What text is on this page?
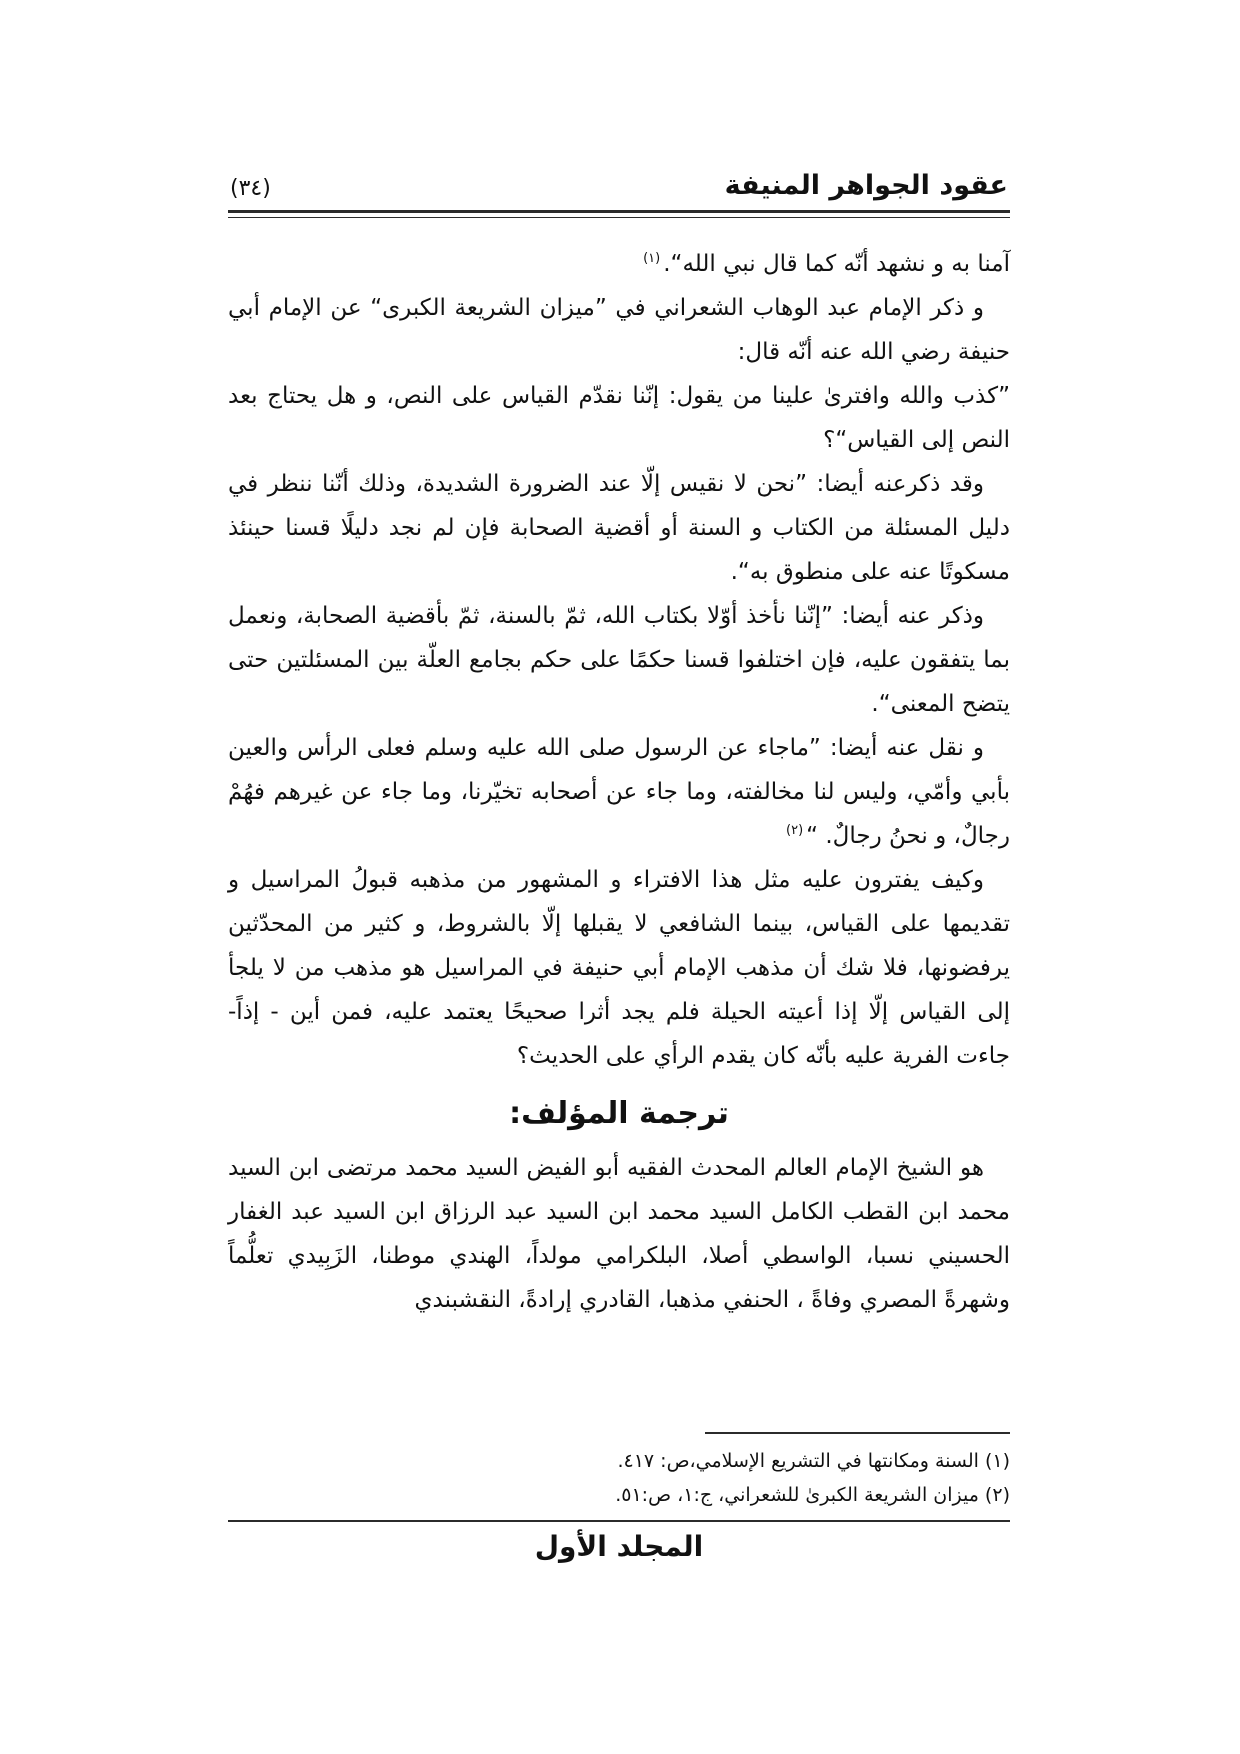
عقود الجواهر المنيفة
(٣٤)

آمنا به و نشهد أنّه كما قال نبي الله“.$^{(١)}$

و ذكر الإمام عبد الوهاب الشعراني في ”ميزان الشريعة الكبرى“ عن الإمام أبي حنيفة رضي الله عنه أنّه قال:

”كذب والله وافترىٰ علينا من يقول: إنّنا نقدّم القياس على النص، و هل يحتاج بعد النص إلى القياس“؟

وقد ذكرعنه أيضا: ”نحن لا نقيس إلّا عند الضرورة الشديدة، وذلك أنّنا ننظر في دليل المسئلة من الكتاب و السنة أو أقضية الصحابة فإن لم نجد دليلًا قسنا حينئذ مسكوتًا عنه على منطوق به“.

وذكر عنه أيضا: ”إنّنا نأخذ أوّلا بكتاب الله، ثمّ بالسنة، ثمّ بأقضية الصحابة، ونعمل بما يتفقون عليه، فإن اختلفوا قسنا حكمًا على حكم بجامع العلّة بين المسئلتين حتى يتضح المعنى“.

و نقل عنه أيضا: ”ماجاء عن الرسول صلى الله عليه وسلم فعلى الرأس والعين بأبي وأمّي، وليس لنا مخالفته، وما جاء عن أصحابه تخيّرنا، وما جاء عن غيرهم فهُمْ رجالٌ، و نحنُ رجالٌ. “$^{(٢)}$

وكيف يفترون عليه مثل هذا الافتراء و المشهور من مذهبه قبولُ المراسيل و تقديمها على القياس، بينما الشافعي لا يقبلها إلّا بالشروط، و كثير من المحدّثين يرفضونها، فلا شك أن مذهب الإمام أبي حنيفة في المراسيل هو مذهب من لا يلجأ إلى القياس إلّا إذا أعيته الحيلة فلم يجد أثرا صحيحًا يعتمد عليه، فمن أين - إذاً- جاءت الفرية عليه بأنّه كان يقدم الرأي على الحديث؟

ترجمة المؤلف:

هو الشيخ الإمام العالم المحدث الفقيه أبو الفيض السيد محمد مرتضى ابن السيد محمد ابن القطب الكامل السيد محمد ابن السيد عبد الرزاق ابن السيد عبد الغفار الحسيني نسبا، الواسطي أصلا، البلكرامي مولداً، الهندي موطنا، الزَبِيدي تعلُّماً وشهرةً المصري وفاةً ، الحنفي مذهبا، القادري إرادةً، النقشبندي

(١) السنة ومكانتها في التشريع الإسلامي،ص: ٤١٧.

(٢) ميزان الشريعة الكبرىٰ للشعراني، ج:١، ص:٥١.

المجلد الأول
